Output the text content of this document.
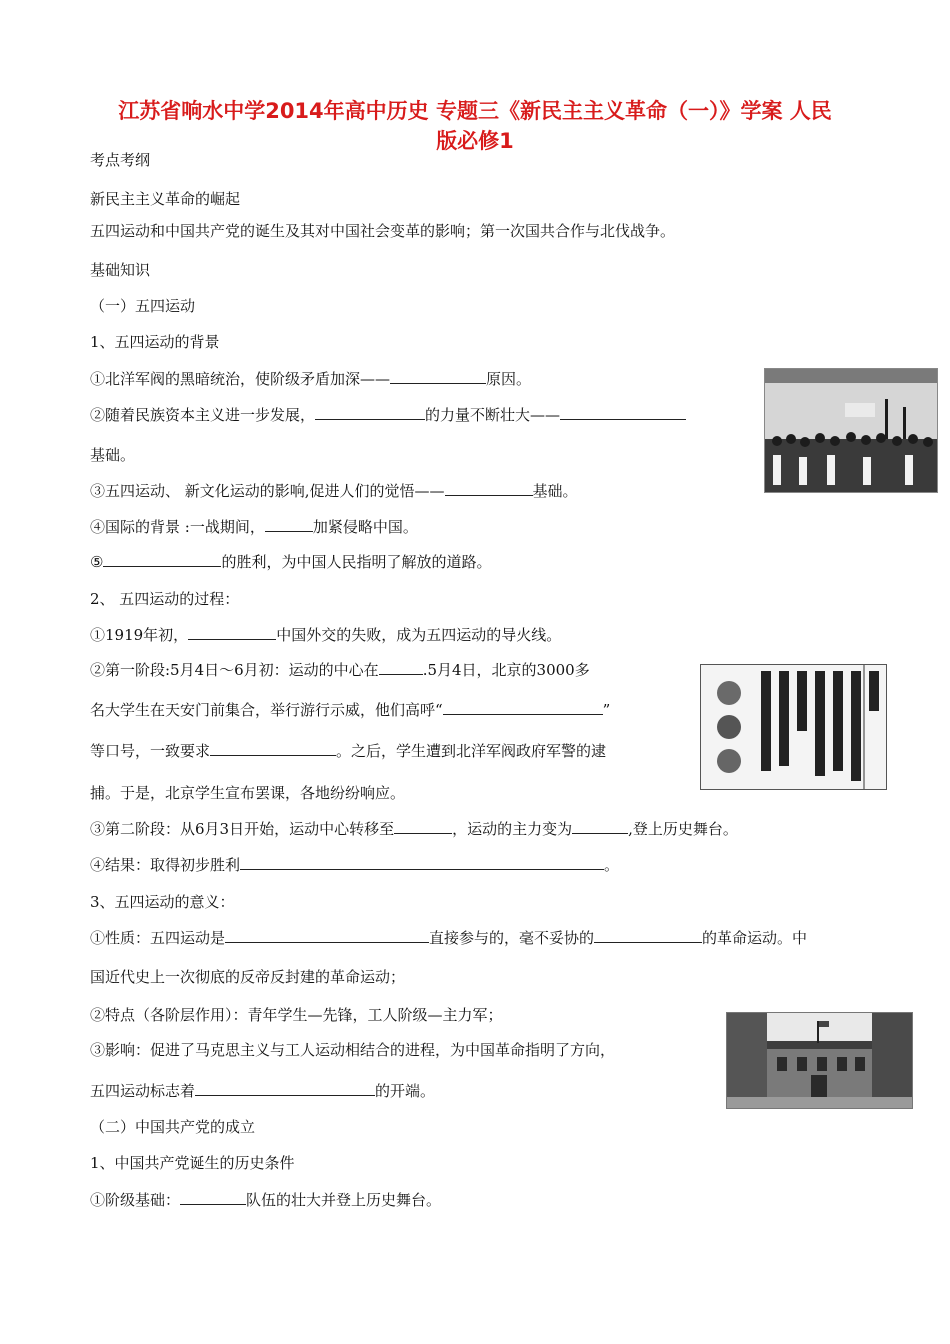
江苏省响水中学2014年高中历史 专题三《新民主主义革命（一）》学案 人民
版必修1
考点考纲
新民主主义革命的崛起
五四运动和中国共产党的诞生及其对中国社会变革的影响；第一次国共合作与北伐战争。
基础知识
（一）五四运动
1、五四运动的背景
①北洋军阀的黑暗统治，使阶级矛盾加深——	原因。
②随着民族资本主义进一步发展，	的力量不断壮大——
基础。
③五四运动、 新文化运动的影响,促进人们的觉悟——	基础。
④国际的背景 :一战期间，	加紧侵略中国。
⑤	的胜利，为中国人民指明了解放的道路。
2、 五四运动的过程：
①1919年初，	中国外交的失败，成为五四运动的导火线。
②第一阶段:5月4日～6月初：运动的中心在	.5月4日，北京的3000多
名大学生在天安门前集合，举行游行示威，他们高呼“	”
等口号，一致要求	。之后，学生遭到北洋军阀政府军警的逮
捕。于是，北京学生宣布罢课，各地纷纷响应。
③第二阶段：从6月3日开始，运动中心转移至	，运动的主力变为	,登上历史舞台。
④结果：取得初步胜利	。
3、五四运动的意义：
①性质：五四运动是	直接参与的，毫不妥协的	的革命运动。中
国近代史上一次彻底的反帝反封建的革命运动；
②特点（各阶层作用）：青年学生—先锋，工人阶级—主力军；
③影响：促进了马克思主义与工人运动相结合的进程，为中国革命指明了方向，
五四运动标志着	的开端。
（二）中国共产党的成立
1、中国共产党诞生的历史条件
①阶级基础：	队伍的壮大并登上历史舞台。
